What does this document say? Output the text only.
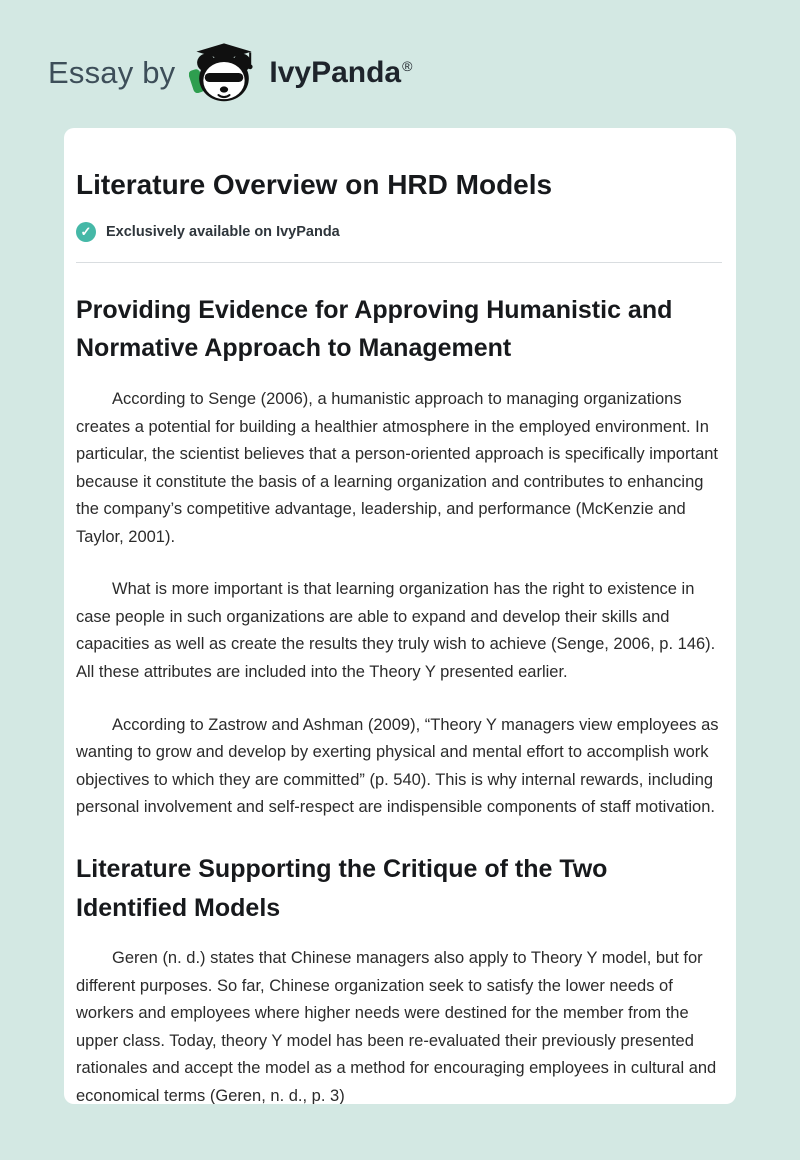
Essay by	IvyPanda®
Literature Overview on HRD Models
✓	Exclusively available on IvyPanda
Providing Evidence for Approving Humanistic and Normative Approach to Management

According to Senge (2006), a humanistic approach to managing organizations creates a potential for building a healthier atmosphere in the employed environment. In particular, the scientist believes that a person-oriented approach is specifically important because it constitute the basis of a learning organization and contributes to enhancing the company’s competitive advantage, leadership, and performance (McKenzie and Taylor, 2001).

What is more important is that learning organization has the right to existence in case people in such organizations are able to expand and develop their skills and capacities as well as create the results they truly wish to achieve (Senge, 2006, p. 146). All these attributes are included into the Theory Y presented earlier.

According to Zastrow and Ashman (2009), “Theory Y managers view employees as wanting to grow and develop by exerting physical and mental effort to accomplish work objectives to which they are committed” (p. 540). This is why internal rewards, including personal involvement and self-respect are indispensible components of staff motivation.

Literature Supporting the Critique of the Two Identified Models

Geren (n. d.) states that Chinese managers also apply to Theory Y model, but for different purposes. So far, Chinese organization seek to satisfy the lower needs of workers and employees where higher needs were destined for the member from the upper class. Today, theory Y model has been re-evaluated their previously presented rationales and accept the model as a method for encouraging employees in cultural and economical terms (Geren, n. d., p. 3)
